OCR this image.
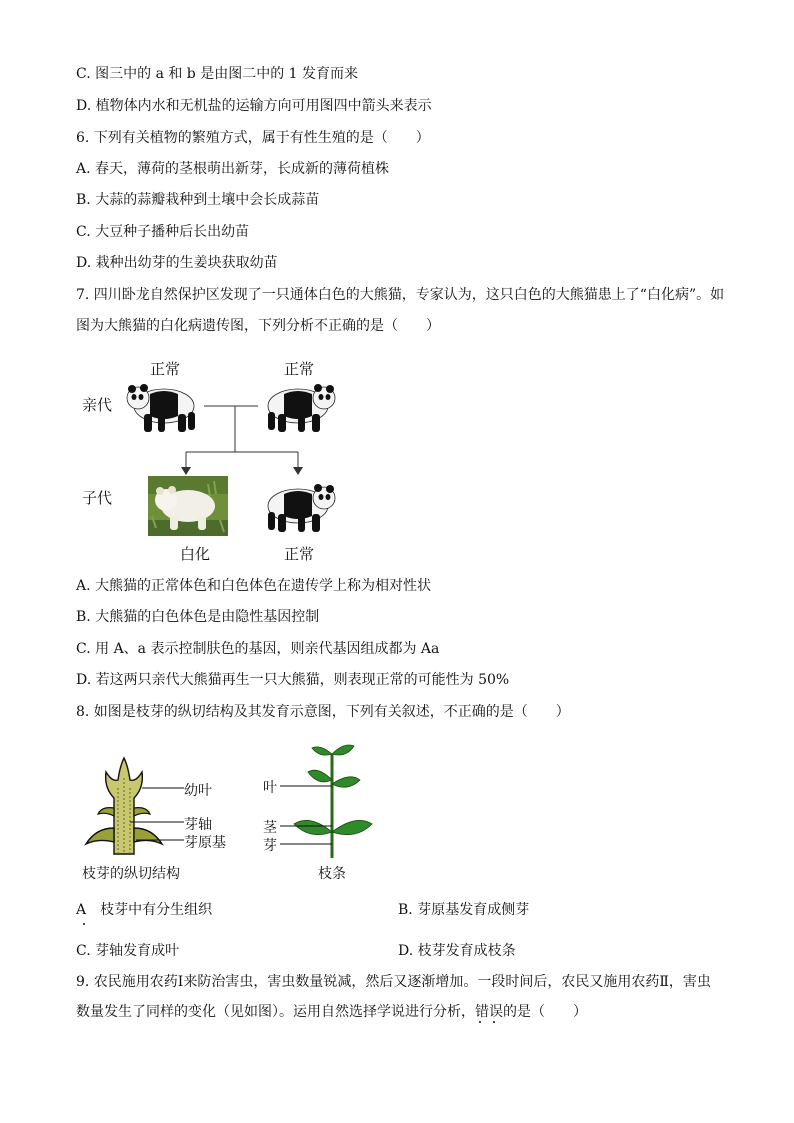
C. 图三中的 a 和 b 是由图二中的 1 发育而来
D. 植物体内水和无机盐的运输方向可用图四中箭头来表示
6. 下列有关植物的繁殖方式，属于有性生殖的是（　　）
A. 春天，薄荷的茎根萌出新芽，长成新的薄荷植株
B. 大蒜的蒜瓣栽种到土壤中会长成蒜苗
C. 大豆种子播种后长出幼苗
D. 栽种出幼芽的生姜块获取幼苗
7. 四川卧龙自然保护区发现了一只通体白色的大熊猫，专家认为，这只白色的大熊猫患上了“白化病”。如
图为大熊猫的白化病遗传图，下列分析不正确的是（　　）
亲代
子代
正常	正常
白化	正常
A. 大熊猫的正常体色和白色体色在遗传学上称为相对性状
B. 大熊猫的白色体色是由隐性基因控制
C. 用 A、a 表示控制肤色的基因，则亲代基因组成都为 Aa
D. 若这两只亲代大熊猫再生一只大熊猫，则表现正常的可能性为 50%
8. 如图是枝芽的纵切结构及其发育示意图，下列有关叙述，不正确的是（　　）
幼叶
芽轴
芽原基
枝芽的纵切结构
叶
茎
芽
枝条
A　枝芽中有分生组织	B. 芽原基发育成侧芽
C. 芽轴发育成叶	D. 枝芽发育成枝条
9. 农民施用农药Ⅰ来防治害虫，害虫数量锐减，然后又逐渐增加。一段时间后，农民又施用农药Ⅱ，害虫
数量发生了同样的变化（见如图）。运用自然选择学说进行分析，错误的是（　　）
